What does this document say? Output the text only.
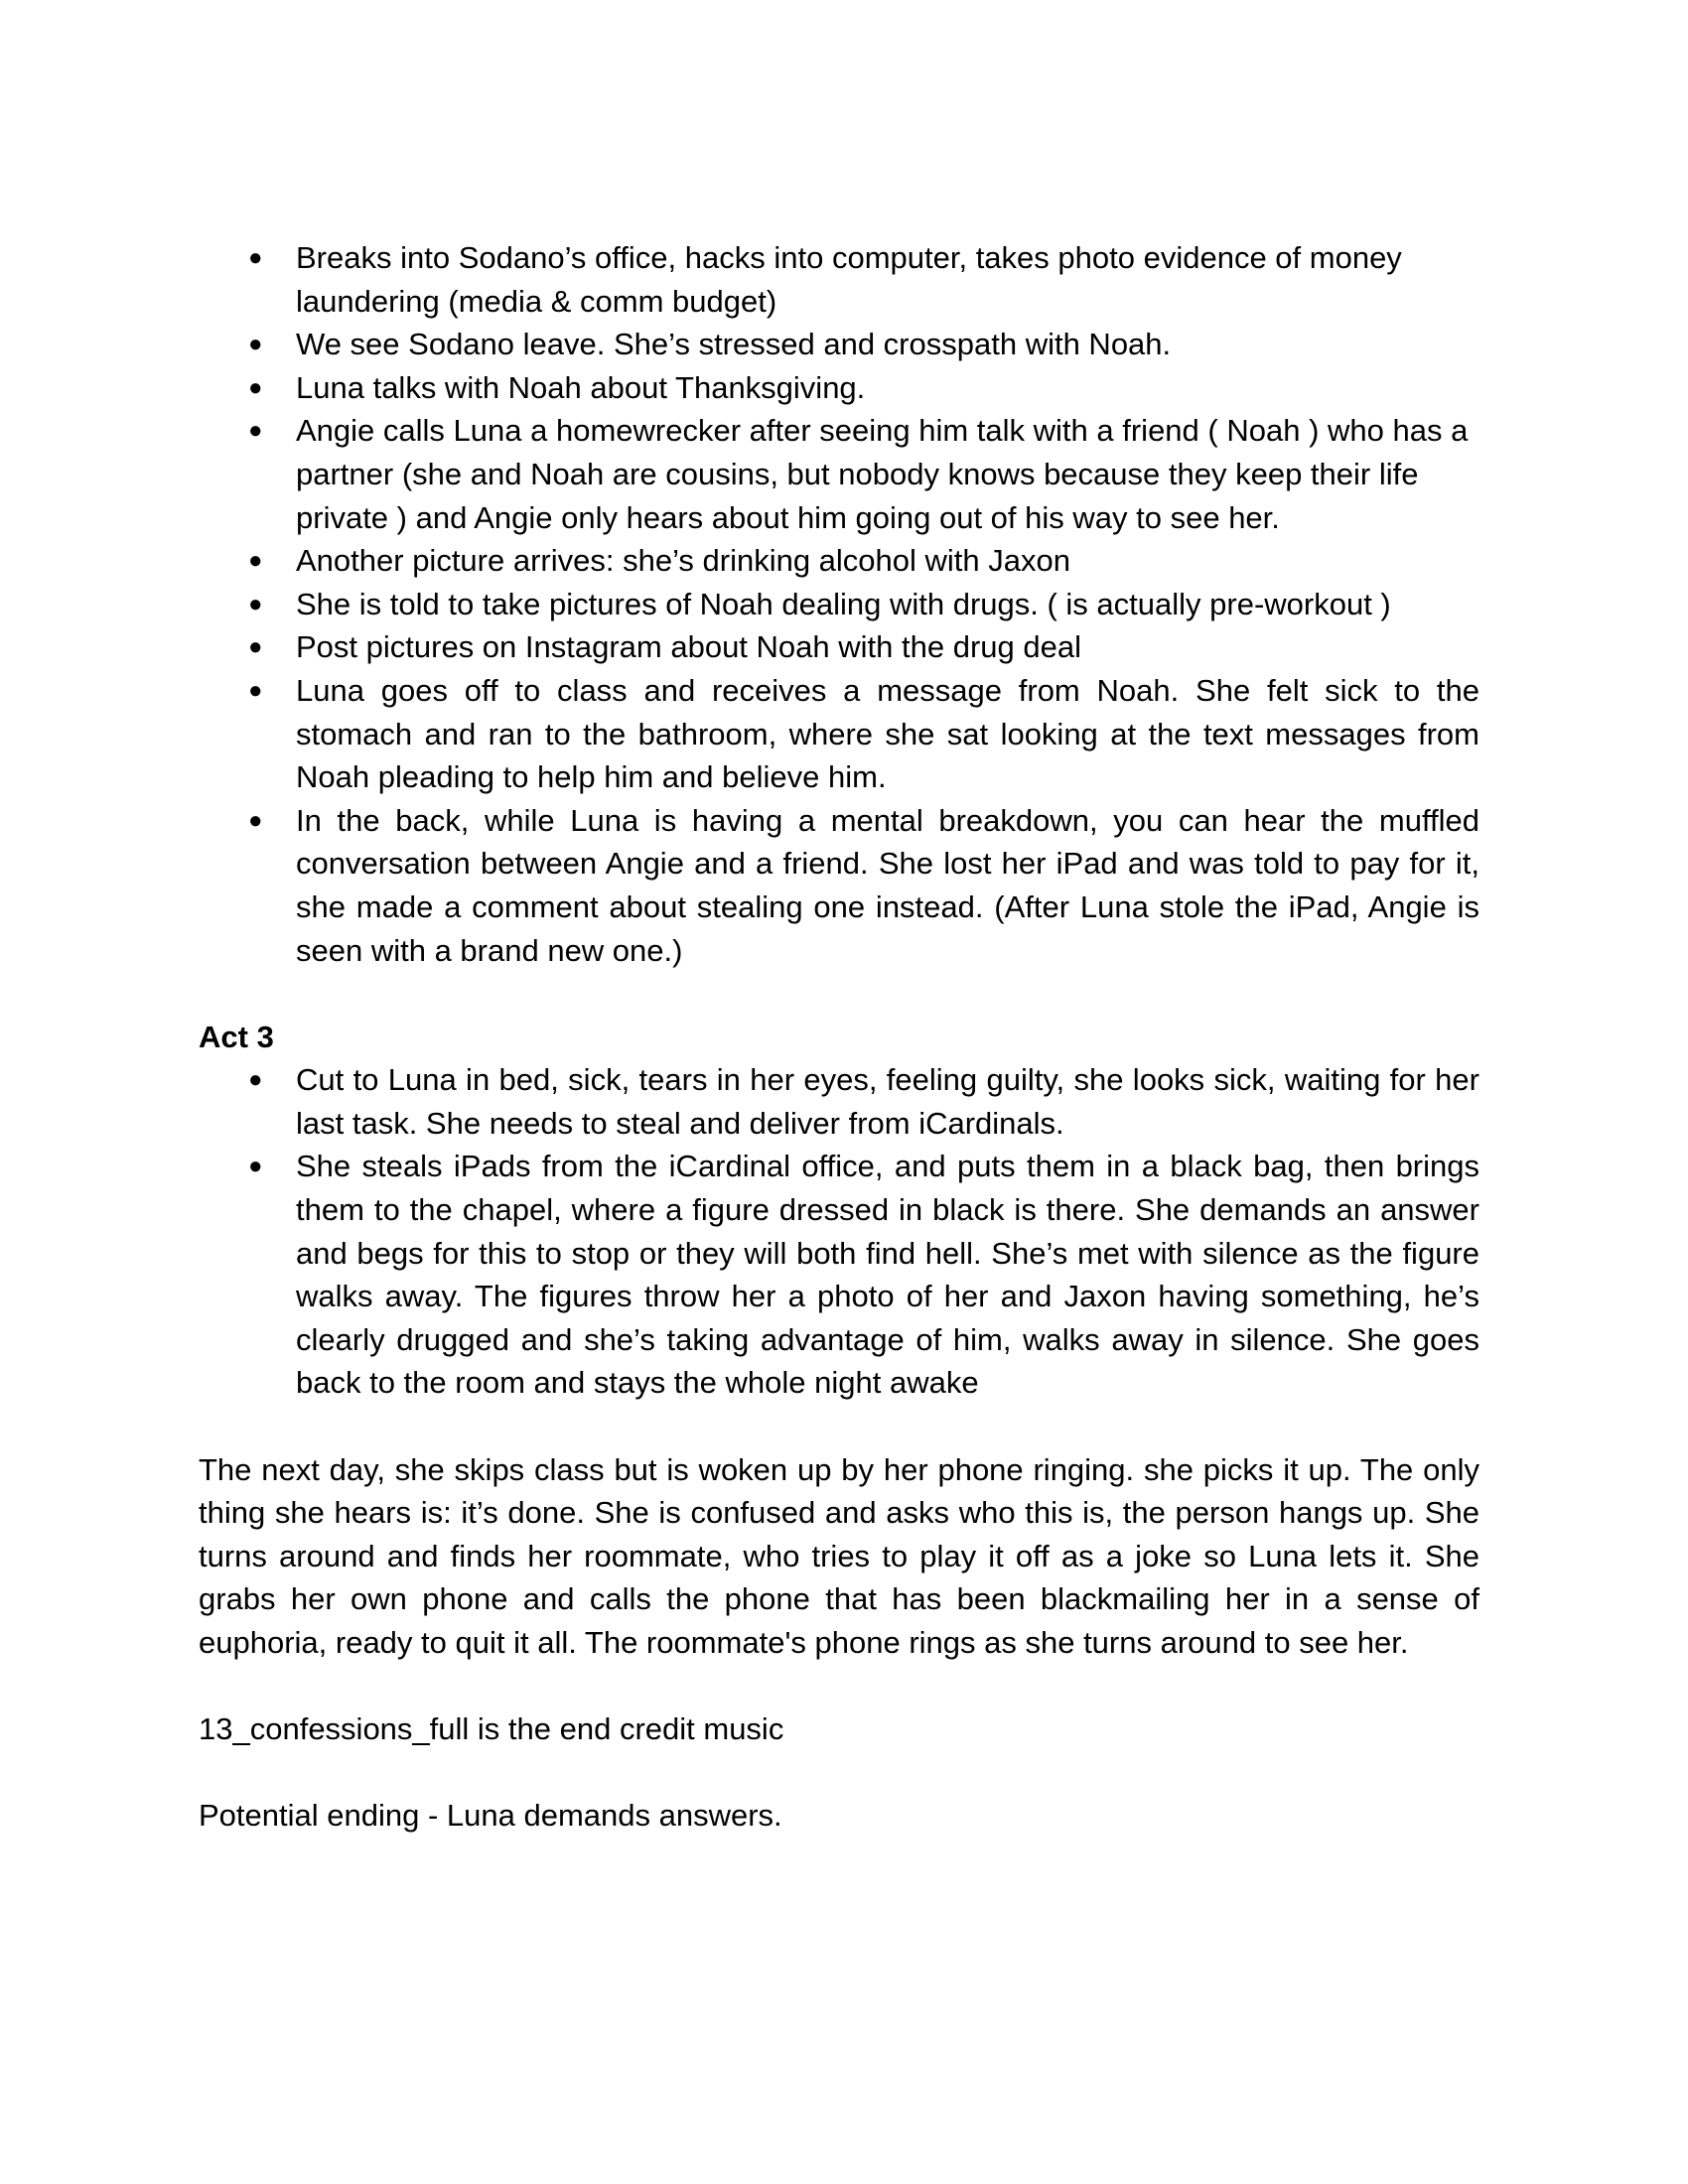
● Breaks into Sodano’s office, hacks into computer, takes photo evidence of money laundering (media & comm budget)
● We see Sodano leave. She’s stressed and crosspath with Noah.
● Luna talks with Noah about Thanksgiving.
● Angie calls Luna a homewrecker after seeing him talk with a friend ( Noah ) who has a partner (she and Noah are cousins, but nobody knows because they keep their life private ) and Angie only hears about him going out of his way to see her.
● Another picture arrives: she’s drinking alcohol with Jaxon
● She is told to take pictures of Noah dealing with drugs. ( is actually pre-workout )
● Post pictures on Instagram about Noah with the drug deal
● Luna goes off to class and receives a message from Noah. She felt sick to the stomach and ran to the bathroom, where she sat looking at the text messages from Noah pleading to help him and believe him.
● In the back, while Luna is having a mental breakdown, you can hear the muffled conversation between Angie and a friend. She lost her iPad and was told to pay for it, she made a comment about stealing one instead. (After Luna stole the iPad, Angie is seen with a brand new one.)
Act 3
● Cut to Luna in bed, sick, tears in her eyes, feeling guilty, she looks sick, waiting for her last task. She needs to steal and deliver from iCardinals.
● She steals iPads from the iCardinal office, and puts them in a black bag, then brings them to the chapel, where a figure dressed in black is there. She demands an answer and begs for this to stop or they will both find hell. She’s met with silence as the figure walks away. The figures throw her a photo of her and Jaxon having something, he’s clearly drugged and she’s taking advantage of him, walks away in silence. She goes back to the room and stays the whole night awake

The next day, she skips class but is woken up by her phone ringing. she picks it up. The only thing she hears is: it’s done. She is confused and asks who this is, the person hangs up. She turns around and finds her roommate, who tries to play it off as a joke so Luna lets it. She grabs her own phone and calls the phone that has been blackmailing her in a sense of euphoria, ready to quit it all. The roommate's phone rings as she turns around to see her.

13_confessions_full is the end credit music

Potential ending - Luna demands answers.
